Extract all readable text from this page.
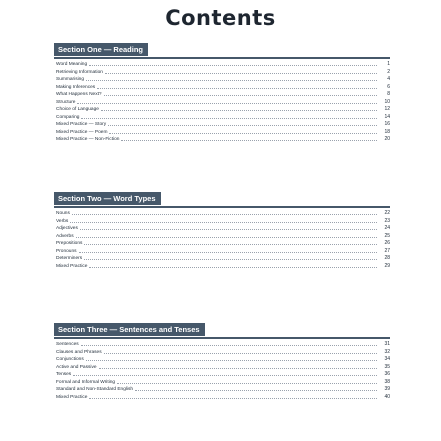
Contents
Section One — Reading
Word Meaning	1
Retrieving Information	2
Summarising	4
Making Inferences	6
What Happens Next?	8
Structure	10
Choice of Language	12
Comparing	14
Mixed Practice — Story	16
Mixed Practice — Poem	18
Mixed Practice — Non-Fiction	20
Section Two — Word Types
Nouns	22
Verbs	23
Adjectives	24
Adverbs	25
Prepositions	26
Pronouns	27
Determiners	28
Mixed Practice	29
Section Three — Sentences and Tenses
Sentences	31
Clauses and Phrases	32
Conjunctions	34
Active and Passive	35
Tenses	36
Formal and Informal Writing	38
Standard and Non-Standard English	39
Mixed Practice	40
